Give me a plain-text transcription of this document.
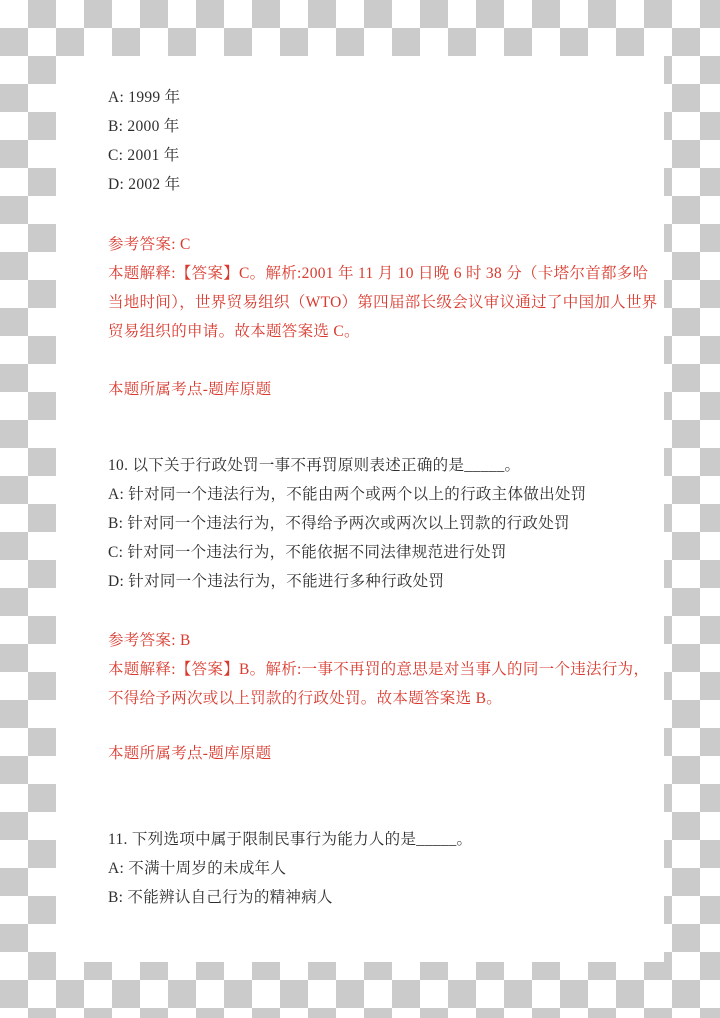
A: 1999 年
B: 2000 年
C: 2001 年
D: 2002 年
参考答案: C
本题解释:【答案】C。解析:2001 年 11 月 10 日晚 6 时 38 分（卡塔尔首都多哈
当地时间），世界贸易组织（WTO）第四届部长级会议审议通过了中国加人世界
贸易组织的申请。故本题答案选 C。
本题所属考点-题库原题
10. 以下关于行政处罚一事不再罚原则表述正确的是_____。
A: 针对同一个违法行为，不能由两个或两个以上的行政主体做出处罚
B: 针对同一个违法行为，不得给予两次或两次以上罚款的行政处罚
C: 针对同一个违法行为，不能依据不同法律规范进行处罚
D: 针对同一个违法行为，不能进行多种行政处罚
参考答案: B
本题解释:【答案】B。解析:一事不再罚的意思是对当事人的同一个违法行为，
不得给予两次或以上罚款的行政处罚。故本题答案选 B。
本题所属考点-题库原题
11. 下列选项中属于限制民事行为能力人的是_____。
A: 不满十周岁的未成年人
B: 不能辨认自己行为的精神病人
